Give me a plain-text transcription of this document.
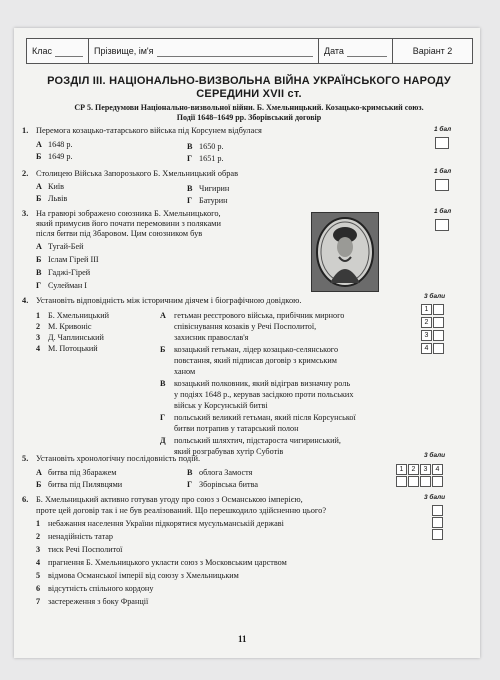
Клас	Прізвище, ім'я	Дата	Варіант 2
РОЗДІЛ ІІІ. НАЦІОНАЛЬНО-ВИЗВОЛЬНА ВІЙНА УКРАЇНСЬКОГО НАРОДУ
СЕРЕДИНИ XVII ст.
СР 5. Передумови Національно-визвольної війни. Б. Хмельницький. Козацько-кримський союз.
Події 1648–1649 рр. Зборівський договір
1. Перемога козацько-татарського війська під Корсунем відбулася
А 1648 р.
Б 1649 р.
В 1650 р.
Г 1651 р.
1 бал
2. Столицею Війська Запорозького Б. Хмельницький обрав
А Київ
Б Львів
В Чигирин
Г Батурин
1 бал
3. На гравюрі зображено союзника Б. Хмельницького,
який примусив його почати перемовини з поляками
після битви під Збаровом. Цим союзником був
А Тугай-Бей
Б Іслам Гірей ІІІ
В Гаджі-Гірей
Г Сулейман І
1 бал
4. Установіть відповідність між історичним діячем і біографічною довідкою.
1 Б. Хмельницький
2 М. Кривоніс
3 Д. Чаплинський
4 М. Потоцький
А гетьман реєстрового війська, прибічник мирного
співіснування козаків у Речі Посполитої,
захисник православ'я
Б	козацький гетьман, лідер козацько-селянського
повстання, який підписав договір з кримським
ханом
В	козацький полковник, який відіграв визначну роль
у подіях 1648 р., керував засідкою проти польських
військ у Корсунській битві
Г	польський великий гетьман, який після Корсунської
битви потрапив у татарський полон
Д	польський шляхтич, підстароста чигиринський,
який розграбував хутір Суботів
3 бали
1
2
3
4
5. Установіть хронологічну послідовність подій.
А битва під Збаражем
Б битва під Пилявцями
В облога Замостя
Г Зборівська битва
3 бали
1	2	3	4
6. Б. Хмельницький активно готував угоду про союз з Османською імперією,
проте цей договір так і не був реалізований. Що перешкодило здійсненню цього?
1 небажання населення України підкорятися мусульманській державі
2 ненадійність татар
3 тиск Речі Посполитої
4 прагнення Б. Хмельницького укласти союз з Московським царством
5 відмова Османської імперії від союзу з Хмельницьким
6 відсутність спільного кордону
7 застереження з боку Франції
3 бали
11
